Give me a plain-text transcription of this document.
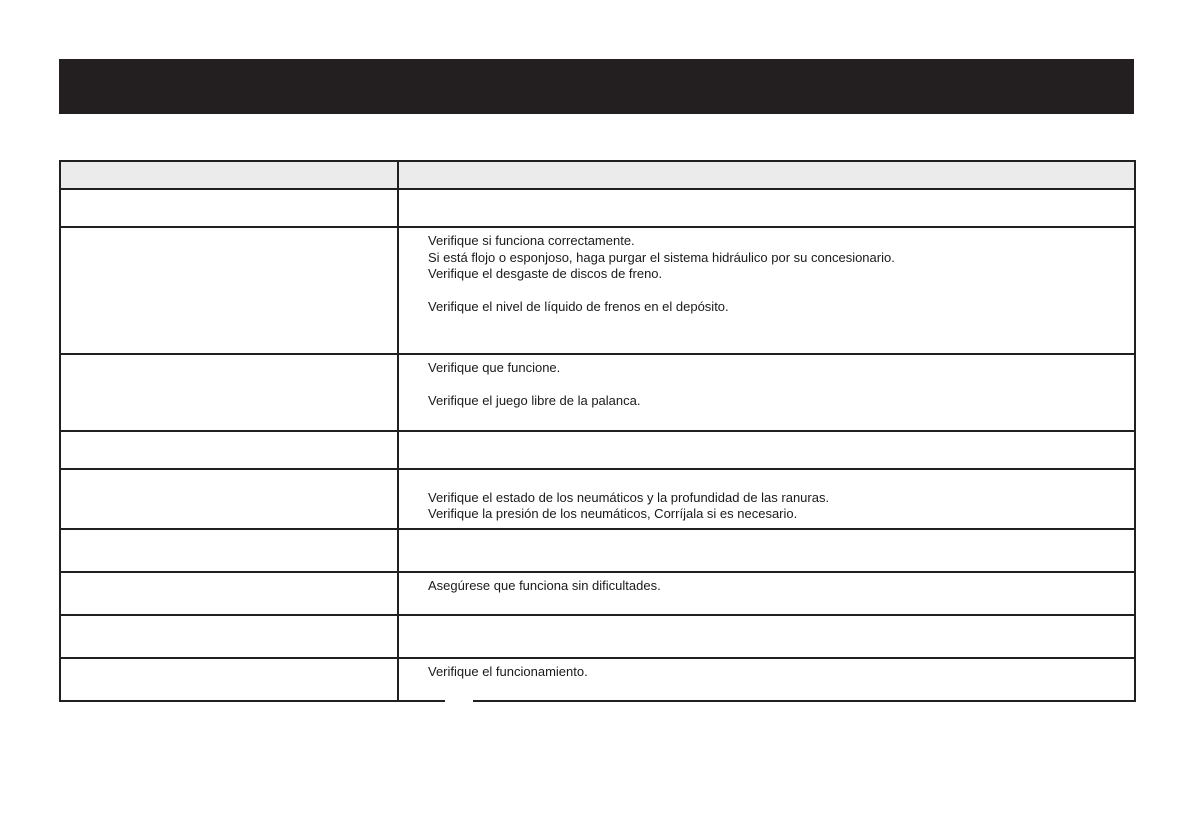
	Verifique si funciona correctamente.
Si está flojo o esponjoso, haga purgar el sistema hidráulico por su concesionario.
Verifique el desgaste de discos de freno.
Verifique el nivel de líquido de frenos en el depósito.

	Verifique que funcione.
Verifique el juego libre de la palanca.

	Verifique el estado de los neumáticos y la profundidad de las ranuras.
Verifique la presión de los neumáticos, Corríjala si es necesario.

	Asegúrese que funciona sin dificultades.

	Verifique el funcionamiento.
